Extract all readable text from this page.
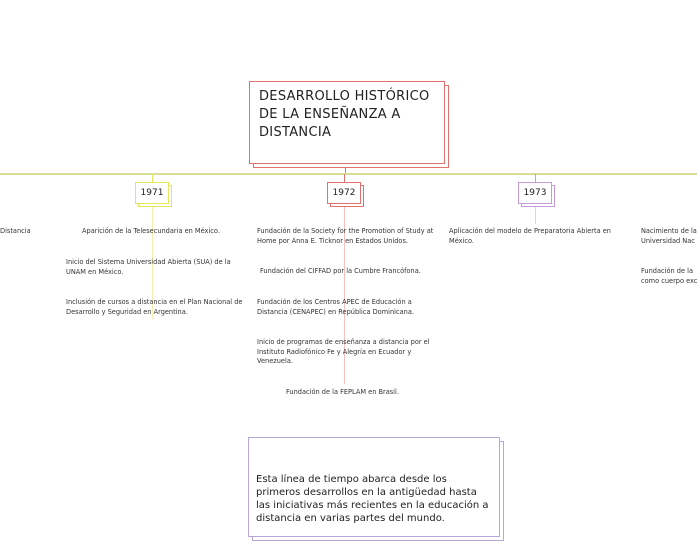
DESARROLLO HISTÓRICO DE LA ENSEÑANZA A DISTANCIA
Distancia
1971
Aparición de la Telesecundaria en México.
Inicio del Sistema Universidad Abierta (SUA) de la UNAM en México.
Inclusión de cursos a distancia en el Plan Nacional de Desarrollo y Seguridad en Argentina.
1972
Fundación de la Society for the Promotion of Study at Home por Anna E. Ticknor en Estados Unidos.
Fundación del CIFFAD por la Cumbre Francófona.
Fundación de los Centros APEC de Educación a Distancia (CENAPEC) en República Dominicana.
Inicio de programas de enseñanza a distancia por el Instituto Radiofónico Fe y Alegría en Ecuador y Venezuela.
Fundación de la FEPLAM en Brasil.
1973
Aplicación del modelo de Preparatoria Abierta en México.
Nacimiento de la Universidad Nac
Fundación de la como cuerpo exc
Esta línea de tiempo abarca desde los primeros desarrollos en la antigüedad hasta las iniciativas más recientes en la educación a distancia en varias partes del mundo.
